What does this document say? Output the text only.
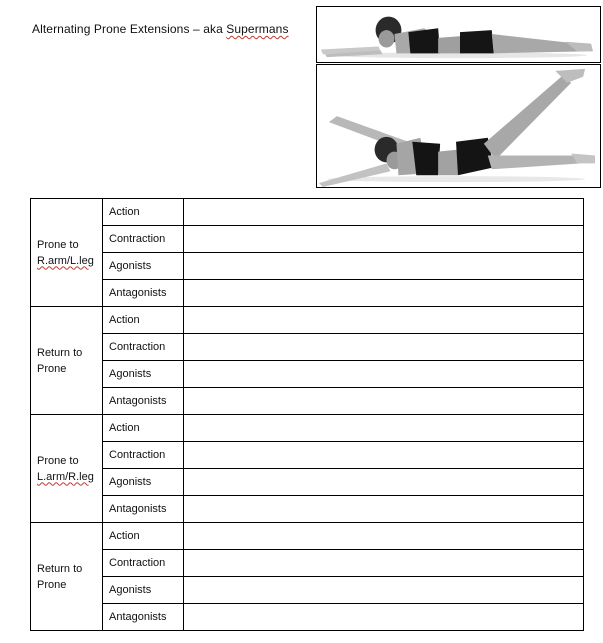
Alternating Prone Extensions – aka Supermans
Prone to
R.arm/L.leg	Action	
	Contraction	
	Agonists	
	Antagonists	

Return to
Prone	Action	
	Contraction	
	Agonists	
	Antagonists	

Prone to
L.arm/R.leg	Action	
	Contraction	
	Agonists	
	Antagonists	

Return to
Prone	Action	
	Contraction	
	Agonists	
	Antagonists	
